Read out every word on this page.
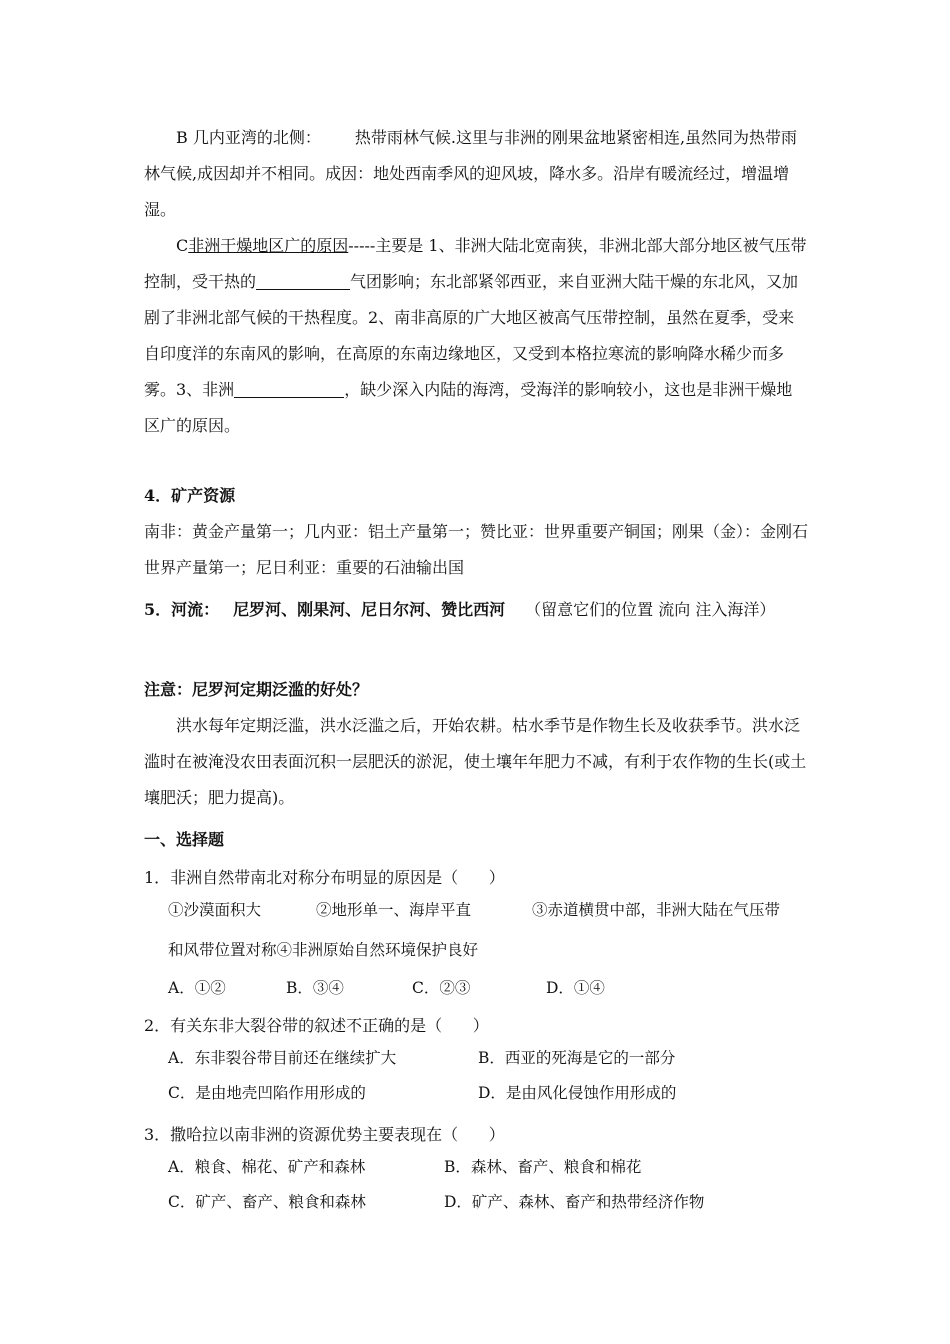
B 几内亚湾的北侧： 热带雨林气候.这里与非洲的刚果盆地紧密相连,虽然同为热带雨林气候,成因却并不相同。成因：地处西南季风的迎风坡，降水多。沿岸有暖流经过，增温增湿。
C非洲干燥地区广的原因-----主要是 1、非洲大陆北宽南狭，非洲北部大部分地区被气压带控制，受干热的	气团影响；东北部紧邻西亚，来自亚洲大陆干燥的东北风，又加剧了非洲北部气候的干热程度。2、南非高原的广大地区被高气压带控制，虽然在夏季，受来自印度洋的东南风的影响，在高原的东南边缘地区，又受到本格拉寒流的影响降水稀少而多雾。3、非洲	，缺少深入内陆的海湾，受海洋的影响较小，这也是非洲干燥地区广的原因。
4．矿产资源
南非：黄金产量第一；几内亚：铝土产量第一；赞比亚：世界重要产铜国；刚果（金）：金刚石世界产量第一；尼日利亚：重要的石油输出国
5．河流： 尼罗河、刚果河、尼日尔河、赞比西河 （留意它们的位置 流向 注入海洋）
注意：尼罗河定期泛滥的好处？
洪水每年定期泛滥，洪水泛滥之后，开始农耕。枯水季节是作物生长及收获季节。洪水泛滥时在被淹没农田表面沉积一层肥沃的淤泥，使土壤年年肥力不减，有利于农作物的生长(或土壤肥沃；肥力提高)。
一、选择题
1．非洲自然带南北对称分布明显的原因是（      ）
①沙漠面积大	②地形单一、海岸平直	③赤道横贯中部，非洲大陆在气压带
和风带位置对称④非洲原始自然环境保护良好
A．①②	B．③④	C．②③	D．①④
2．有关东非大裂谷带的叙述不正确的是（      ）
A．东非裂谷带目前还在继续扩大	B．西亚的死海是它的一部分
C．是由地壳凹陷作用形成的	D．是由风化侵蚀作用形成的
3．撒哈拉以南非洲的资源优势主要表现在（      ）
A．粮食、棉花、矿产和森林	B．森林、畜产、粮食和棉花
C．矿产、畜产、粮食和森林	D．矿产、森林、畜产和热带经济作物
